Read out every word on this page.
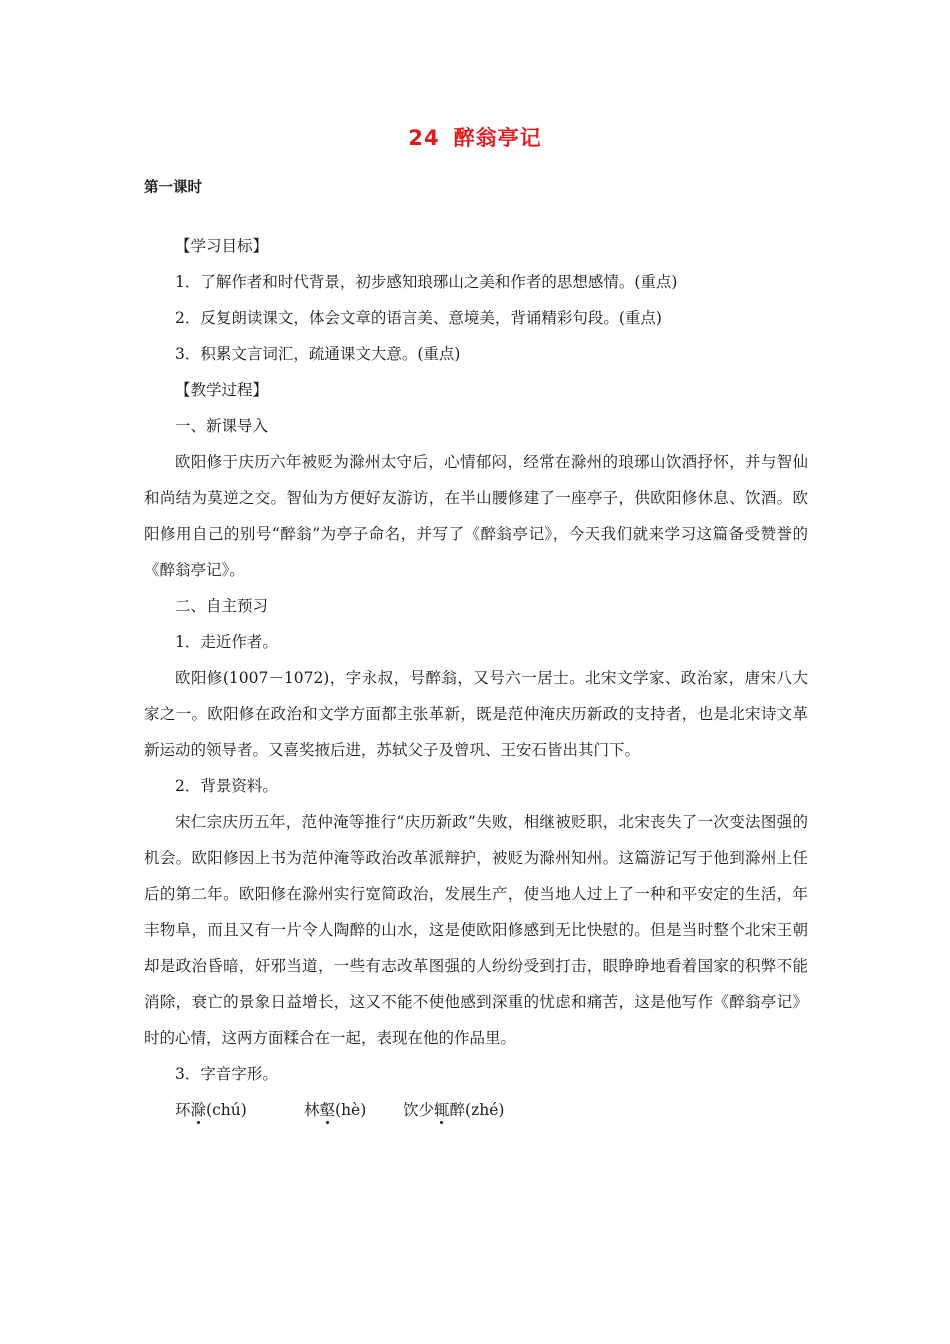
24 醉翁亭记
第一课时

【学习目标】

1．了解作者和时代背景，初步感知琅琊山之美和作者的思想感情。(重点)

2．反复朗读课文，体会文章的语言美、意境美，背诵精彩句段。(重点)

3．积累文言词汇，疏通课文大意。(重点)

【教学过程】

一、新课导入

欧阳修于庆历六年被贬为滁州太守后，心情郁闷，经常在滁州的琅琊山饮酒抒怀，并与智仙和尚结为莫逆之交。智仙为方便好友游访，在半山腰修建了一座亭子，供欧阳修休息、饮酒。欧阳修用自己的别号“醉翁”为亭子命名，并写了《醉翁亭记》，今天我们就来学习这篇备受赞誉的《醉翁亭记》。

二、自主预习

1．走近作者。

欧阳修(1007－1072)，字永叔，号醉翁，又号六一居士。北宋文学家、政治家，唐宋八大家之一。欧阳修在政治和文学方面都主张革新，既是范仲淹庆历新政的支持者，也是北宋诗文革新运动的领导者。又喜奖掖后进，苏轼父子及曾巩、王安石皆出其门下。

2．背景资料。

宋仁宗庆历五年，范仲淹等推行“庆历新政”失败，相继被贬职，北宋丧失了一次变法图强的机会。欧阳修因上书为范仲淹等政治改革派辩护，被贬为滁州知州。这篇游记写于他到滁州上任后的第二年。欧阳修在滁州实行宽简政治，发展生产，使当地人过上了一种和平安定的生活，年丰物阜，而且又有一片令人陶醉的山水，这是使欧阳修感到无比快慰的。但是当时整个北宋王朝却是政治昏暗，奸邪当道，一些有志改革图强的人纷纷受到打击，眼睁睁地看着国家的积弊不能消除，衰亡的景象日益增长，这又不能不使他感到深重的忧虑和痛苦，这是他写作《醉翁亭记》时的心情，这两方面糅合在一起，表现在他的作品里。

3．字音字形。

环滁(chú)	林壑(hè) 饮少辄醉(zhé)
